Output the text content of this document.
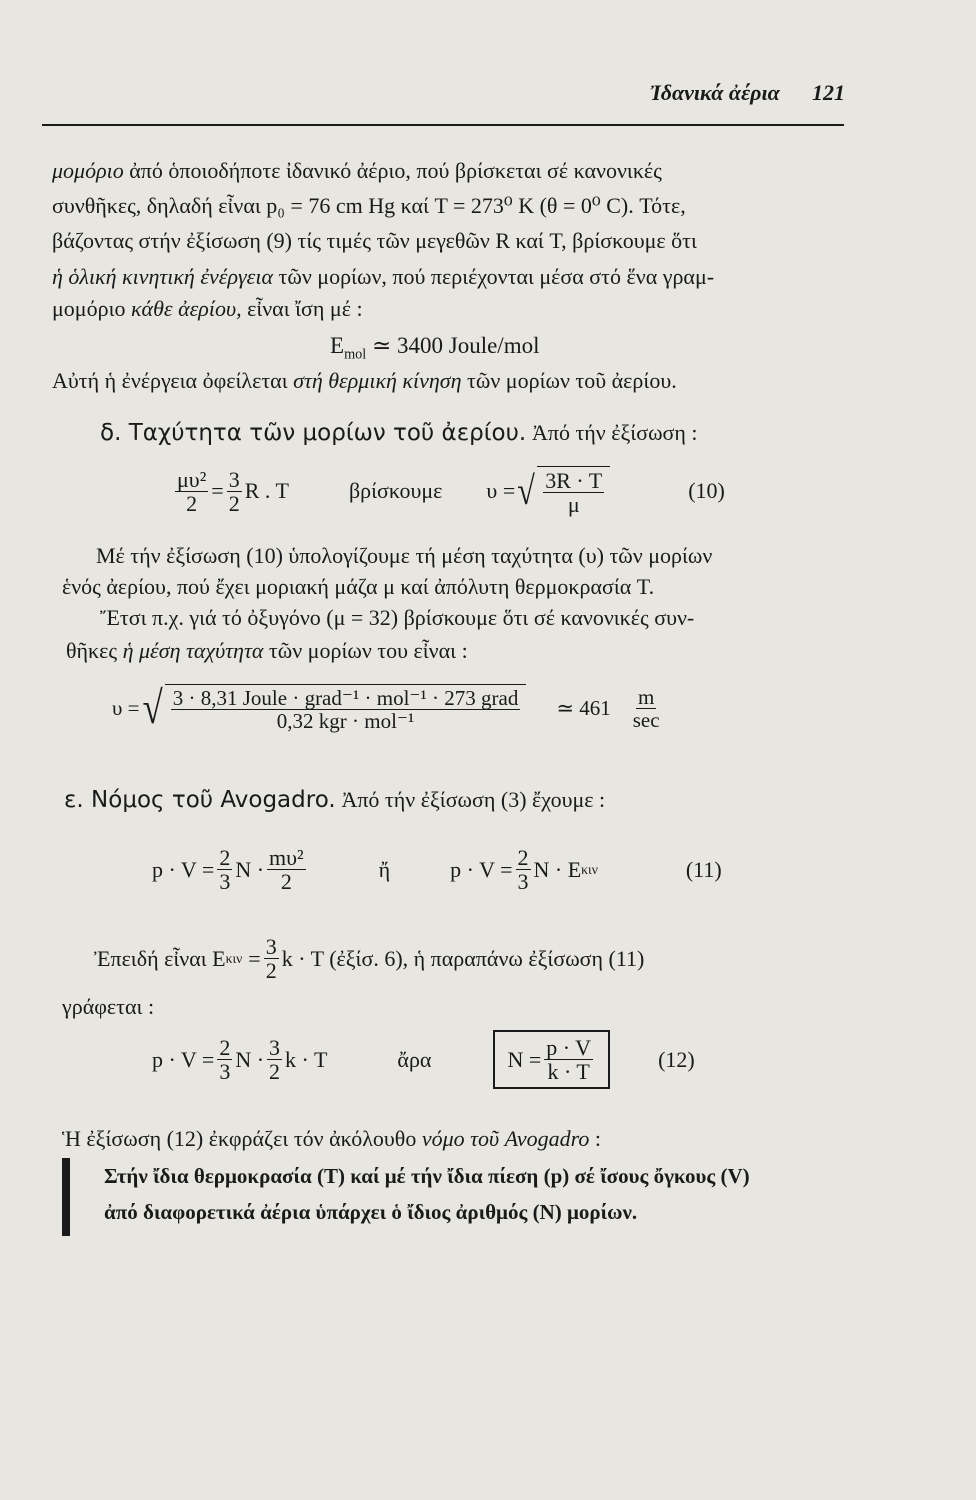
Ἰδανικά ἀέρια 121
μομόριο ἀπό ὁποιοδήποτε ἰδανικό ἀέριο, πού βρίσκεται σέ κανονικές
συνθῆκες, δηλαδή εἶναι p₀ = 76 cm Hg καί T = 273⁰ K (θ = 0⁰ C). Τότε,
βάζοντας στήν ἐξίσωση (9) τίς τιμές τῶν μεγεθῶν R καί T, βρίσκουμε ὅτι
ἡ ὁλική κινητική ἐνέργεια τῶν μορίων, πού περιέχονται μέσα στό ἕνα γραμ-
μομόριο κάθε ἀερίου, εἶναι ἴση μέ :
$E_{mol}$ ≃ 3400 Joule/mol
Αὐτή ἡ ἐνέργεια ὀφείλεται στή θερμική κίνηση τῶν μορίων τοῦ ἀερίου.
δ. Ταχύτητα τῶν μορίων τοῦ ἀερίου. Ἀπό τήν ἐξίσωση :
$\frac{\text{μυ²}}{2} = \frac{3}{2}$ R . T	βρίσκουμε υ = √ $\frac{3R \cdot T}{\mu}$	(10)
Μέ τήν ἐξίσωση (10) ὑπολογίζουμε τή μέση ταχύτητα (υ) τῶν μορίων
ἑνός ἀερίου, πού ἔχει μοριακή μάζα μ καί ἀπόλυτη θερμοκρασία T.
Ἔτσι π.χ. γιά τό ὀξυγόνο (μ = 32) βρίσκουμε ὅτι σέ κανονικές συν-
θῆκες ἡ μέση ταχύτητα τῶν μορίων του εἶναι :
υ = √ $\frac{\text{3 · 8,31 Joule · grad⁻¹ · mol⁻¹ · 273 grad}}{\text{0,32 kgr · mol⁻¹}}$ ≃ $461 \frac{m}{\sec}$
ε. Νόμος τοῦ Avogadro. Ἀπό τήν ἐξίσωση (3) ἔχουμε :
$p \cdot V = \frac{2}{3}$ $N \cdot \frac{\text{mυ²}}{2}$	ἤ	$p \cdot V = \frac{2}{3}$ N · E κιν	(11)
Ἐπειδή εἶναι E $\kappa\iota\nu = \frac{3}{2}$ k · T (ἐξίσ. 6), ἡ παραπάνω ἐξίσωση (11)
γράφεται :
$p \cdot V = \frac{2}{3}$ $N \cdot \frac{3}{2}$ k · T	ἄρα	$N = \frac{p \cdot V}{k \cdot T}$	(12)
Ἡ ἐξίσωση (12) ἐκφράζει τόν ἀκόλουθο νόμο τοῦ Avogadro :
Στήν ἴδια θερμοκρασία (T) καί μέ τήν ἴδια πίεση (p) σέ ἴσους ὄγκους (V)
ἀπό διαφορετικά ἀέρια ὑπάρχει ὁ ἴδιος ἀριθμός (N) μορίων.
